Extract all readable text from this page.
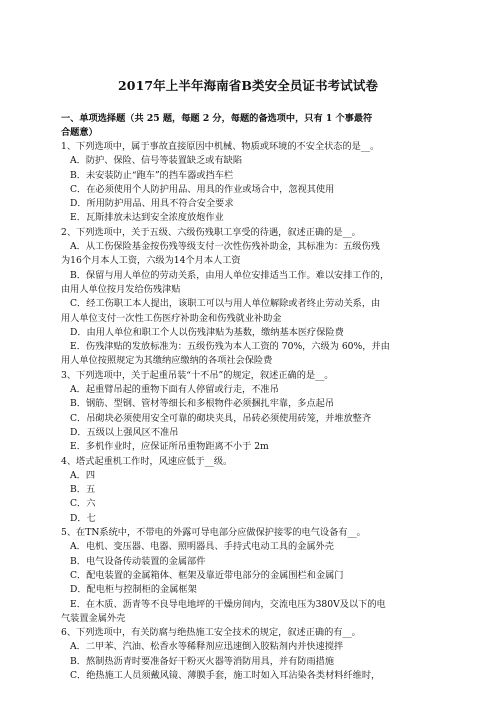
2017年上半年海南省B类安全员证书考试试卷
一、单项选择题（共 25 题，每题 2 分，每题的备选项中，只有 1 个事最符
合题意）
1、下列选项中，属于事故直接原因中机械、物质或环境的不安全状态的是__。
A．防护、保险、信号等装置缺乏或有缺陷
B．未安装防止“跑车”的挡车器或挡车栏
C．在必须使用个人防护用品、用具的作业或场合中，忽视其使用
D．所用防护用品、用具不符合安全要求
E．瓦斯排放未达到安全浓度放炮作业
2、下列选项中，关于五级、六级伤残职工享受的待遇，叙述正确的是__。
A．从工伤保险基金按伤残等级支付一次性伤残补助金，其标准为：五级伤残
为16个月本人工资，六级为14个月本人工资
B．保留与用人单位的劳动关系，由用人单位安排适当工作。难以安排工作的，
由用人单位按月发给伤残津贴
C．经工伤职工本人提出，该职工可以与用人单位解除或者终止劳动关系，由
用人单位支付一次性工伤医疗补助金和伤残就业补助金
D．由用人单位和职工个人以伤残津贴为基数，缴纳基本医疗保险费
E．伤残津贴的发放标准为：五级伤残为本人工资的 70%，六级为 60%，并由
用人单位按照规定为其缴纳应缴纳的各项社会保险费
3、下列选项中，关于起重吊装“十不吊”的规定，叙述正确的是__。
A．起重臂吊起的重物下面有人停留或行走，不准吊
B．钢筋、型钢、管材等细长和多根物件必须捆扎牢靠，多点起吊
C．吊砌块必须使用安全可靠的砌块夹具，吊砖必须使用砖笼，并堆放整齐
D．五级以上强风区不准吊
E．多机作业时，应保证所吊重物距离不小于 2m
4、塔式起重机工作时，风速应低于__级。
A．四
B．五
C．六
D．七
5、在TN系统中，不带电的外露可导电部分应做保护接零的电气设备有__。
A．电机、变压器、电器、照明器具、手持式电动工具的金属外壳
B．电气设备传动装置的金属部件
C．配电装置的金属箱体、框架及靠近带电部分的金属围栏和金属门
D．配电柜与控制柜的金属框架
E．在木质、沥青等不良导电地坪的干燥房间内，交流电压为380V及以下的电
气装置金属外壳
6、下列选项中，有关防腐与绝热施工安全技术的规定，叙述正确的有__。
A．二甲苯、汽油、松香水等稀释剂应迅速倒入胶粘剂内并快速搅拌
B．熬制热沥青时要准备好干粉灭火器等消防用具，并有防雨措施
C．绝热施工人员须戴风镜、薄膜手套，施工时如入耳沾染各类材料纤维时，
